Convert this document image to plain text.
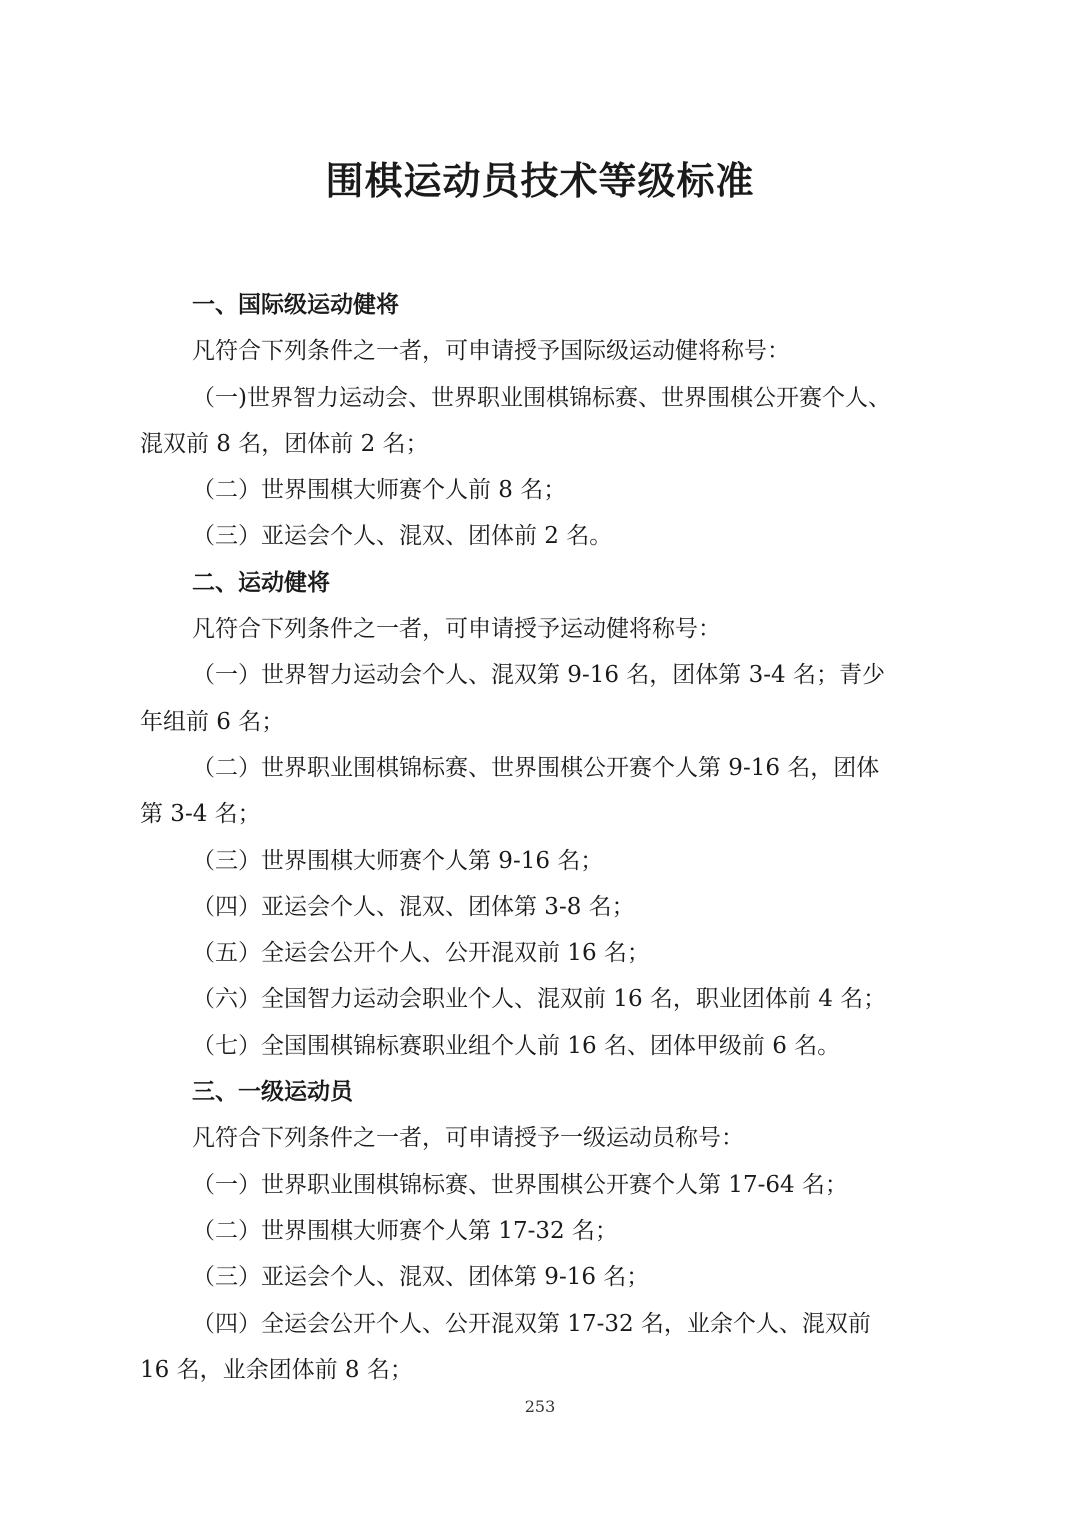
围棋运动员技术等级标准
一、国际级运动健将
凡符合下列条件之一者，可申请授予国际级运动健将称号：
（一)世界智力运动会、世界职业围棋锦标赛、世界围棋公开赛个人、
混双前 8 名，团体前 2 名；
（二）世界围棋大师赛个人前 8 名；
（三）亚运会个人、混双、团体前 2 名。
二、运动健将
凡符合下列条件之一者，可申请授予运动健将称号：
（一）世界智力运动会个人、混双第 9-16 名，团体第 3-4 名；青少
年组前 6 名；
（二）世界职业围棋锦标赛、世界围棋公开赛个人第 9-16 名，团体
第 3-4 名；
（三）世界围棋大师赛个人第 9-16 名；
（四）亚运会个人、混双、团体第 3-8 名；
（五）全运会公开个人、公开混双前 16 名；
（六）全国智力运动会职业个人、混双前 16 名，职业团体前 4 名；
（七）全国围棋锦标赛职业组个人前 16 名、团体甲级前 6 名。
三、一级运动员
凡符合下列条件之一者，可申请授予一级运动员称号：
（一）世界职业围棋锦标赛、世界围棋公开赛个人第 17-64 名；
（二）世界围棋大师赛个人第 17-32 名；
（三）亚运会个人、混双、团体第 9-16 名；
（四）全运会公开个人、公开混双第 17-32 名，业余个人、混双前
16 名，业余团体前 8 名；
253
